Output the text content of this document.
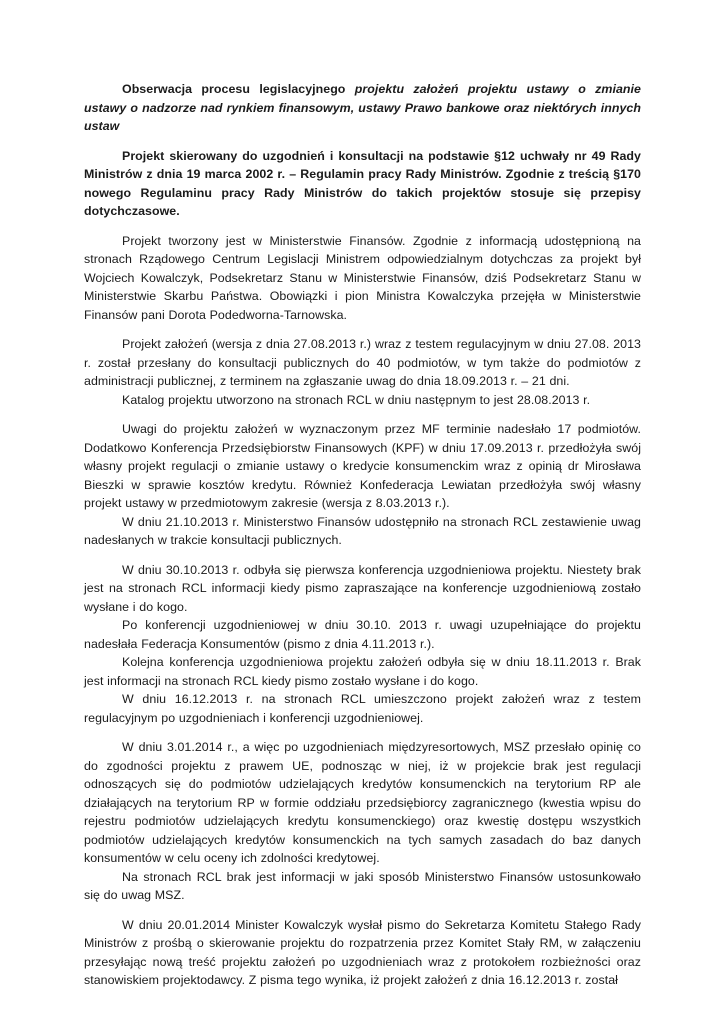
Obserwacja procesu legislacyjnego projektu założeń projektu ustawy o zmianie ustawy o nadzorze nad rynkiem finansowym, ustawy Prawo bankowe oraz niektórych innych ustaw

Projekt skierowany do uzgodnień i konsultacji na podstawie §12 uchwały nr 49 Rady Ministrów z dnia 19 marca 2002 r. – Regulamin pracy Rady Ministrów. Zgodnie z treścią §170 nowego Regulaminu pracy Rady Ministrów do takich projektów stosuje się przepisy dotychczasowe.

Projekt tworzony jest w Ministerstwie Finansów. Zgodnie z informacją udostępnioną na stronach Rządowego Centrum Legislacji Ministrem odpowiedzialnym dotychczas za projekt był Wojciech Kowalczyk, Podsekretarz Stanu w Ministerstwie Finansów, dziś Podsekretarz Stanu w Ministerstwie Skarbu Państwa. Obowiązki i pion Ministra Kowalczyka przejęła w Ministerstwie Finansów pani Dorota Podedworna-Tarnowska.

Projekt założeń (wersja z dnia 27.08.2013 r.) wraz z testem regulacyjnym w dniu 27.08. 2013 r. został przesłany do konsultacji publicznych do 40 podmiotów, w tym także do podmiotów z administracji publicznej, z terminem na zgłaszanie uwag do dnia 18.09.2013 r. – 21 dni.

Katalog projektu utworzono na stronach RCL w dniu następnym to jest 28.08.2013 r.

Uwagi do projektu założeń w wyznaczonym przez MF terminie nadesłało 17 podmiotów. Dodatkowo Konferencja Przedsiębiorstw Finansowych (KPF) w dniu 17.09.2013 r. przedłożyła swój własny projekt regulacji o zmianie ustawy o kredycie konsumenckim wraz z opinią dr Mirosława Bieszki w sprawie kosztów kredytu. Również Konfederacja Lewiatan przedłożyła swój własny projekt ustawy w przedmiotowym zakresie (wersja z 8.03.2013 r.).

W dniu 21.10.2013 r. Ministerstwo Finansów udostępniło na stronach RCL zestawienie uwag nadesłanych w trakcie konsultacji publicznych.

W dniu 30.10.2013 r. odbyła się pierwsza konferencja uzgodnieniowa projektu. Niestety brak jest na stronach RCL informacji kiedy pismo zapraszające na konferencje uzgodnieniową zostało wysłane i do kogo.

Po konferencji uzgodnieniowej w dniu 30.10. 2013 r. uwagi uzupełniające do projektu nadesłała Federacja Konsumentów (pismo z dnia 4.11.2013 r.).

Kolejna konferencja uzgodnieniowa projektu założeń odbyła się w dniu 18.11.2013 r. Brak jest informacji na stronach RCL kiedy pismo zostało wysłane i do kogo.

W dniu 16.12.2013 r. na stronach RCL umieszczono projekt założeń wraz z testem regulacyjnym po uzgodnieniach i konferencji uzgodnieniowej.

W dniu 3.01.2014 r., a więc po uzgodnieniach międzyresortowych, MSZ przesłało opinię co do zgodności projektu z prawem UE, podnosząc w niej, iż w projekcie brak jest regulacji odnoszących się do podmiotów udzielających kredytów konsumenckich na terytorium RP ale działających na terytorium RP w formie oddziału przedsiębiorcy zagranicznego (kwestia wpisu do rejestru podmiotów udzielających kredytu konsumenckiego) oraz kwestię dostępu wszystkich podmiotów udzielających kredytów konsumenckich na tych samych zasadach do baz danych konsumentów w celu oceny ich zdolności kredytowej.

Na stronach RCL brak jest informacji w jaki sposób Ministerstwo Finansów ustosunkowało się do uwag MSZ.

W dniu 20.01.2014 Minister Kowalczyk wysłał pismo do Sekretarza Komitetu Stałego Rady Ministrów z prośbą o skierowanie projektu do rozpatrzenia przez Komitet Stały RM, w załączeniu przesyłając nową treść projektu założeń po uzgodnieniach wraz z protokołem rozbieżności oraz stanowiskiem projektodawcy. Z pisma tego wynika, iż projekt założeń z dnia 16.12.2013 r. został
